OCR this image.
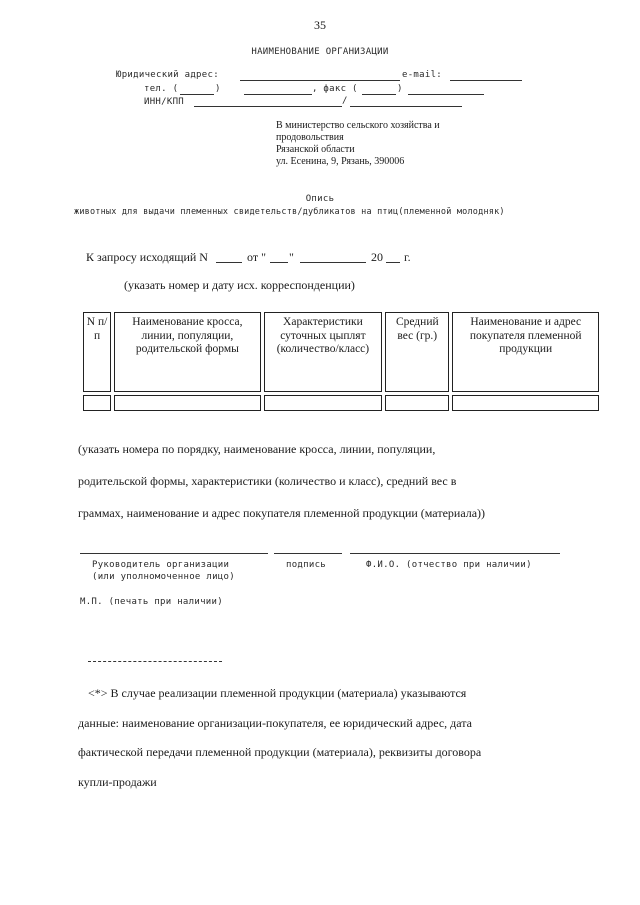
35
НАИМЕНОВАНИЕ ОРГАНИЗАЦИИ
Юридический адрес:	e-mail:
тел. (	)	, факс (	)
ИНН/КПП	/
В министерство сельского хозяйства и
продовольствия
Рязанской области
ул. Есенина, 9, Рязань, 390006
Опись
животных для выдачи племенных свидетельств/дубликатов на птиц(племенной молодняк)
К запросу исходящий N	от " "	20 г.
(указать номер и дату исх. корреспонденции)
N п/п	Наименование кросса, линии, популяции, родительской формы	Характеристики суточных цыплят (количество/класс)	Средний вес (гр.)	Наименование и адрес покупателя племенной продукции

(указать номера по порядку, наименование кросса, линии, популяции,
родительской формы, характеристики (количество и класс), средний вес в
граммах, наименование и адрес покупателя племенной продукции (материала))
Руководитель организации	подпись	Ф.И.О. (отчество при наличии)
(или уполномоченное лицо)
М.П. (печать при наличии)
<*> В случае реализации племенной продукции (материала) указываются
данные: наименование организации-покупателя, ее юридический адрес, дата
фактической передачи племенной продукции (материала), реквизиты договора
купли-продажи
